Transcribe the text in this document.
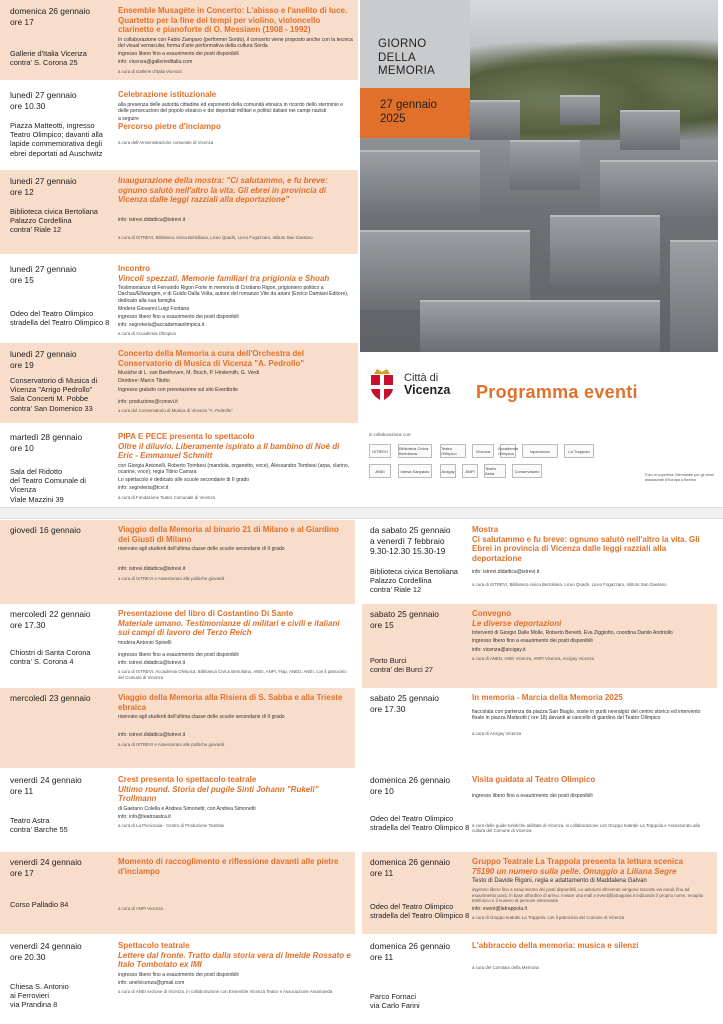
domenica 26 gennaio
ore 17
Gallerie d'Italia Vicenza
contra' S. Corona 25
Ensemble Musagète in Concerto: L'abisso e l'anelito di luce. Quartetto per la fine dei tempi per violino, violoncello clarinetto e pianoforte di O. Messiaen (1908 - 1992)

In collaborazione con Fabio Zamparo (performer Sordo), il concerto viene proposto anche con la tecnica del visual vernacular, forma d'arte performativa della cultura Sorda

ingresso libero fino a esaurimento dei posti disponibili

info: vicenza@gallerieditalia.com

a cura di Gallerie d'Italia Vicenza

lunedì 27 gennaio
ore 10.30
Piazza Matteotti, ingresso Teatro Olimpico; davanti alla lapide commemorativa degli ebrei deportati ad Auschwitz
Celebrazione istituzionale

alla presenza delle autorità cittadine ed esponenti della comunità ebraica in ricordo dello sterminio e delle persecuzioni del popolo ebraico e dei deportati militari e politici italiani nei campi nazisti

a seguire

Percorso pietre d'inciampo

a cura dell'Amministrazione comunale di Vicenza

lunedì 27 gennaio
ore 12
Biblioteca civica Bertoliana
Palazzo Cordellina
contra' Riale 12
Inaugurazione della mostra: "Ci salutammo, e fu breve: ognuno salutò nell'altro la vita. Gli ebrei in provincia di Vicenza dalle leggi razziali alla deportazione"

info: istrevi.didattica@istrevi.it

a cura di ISTREVI, Biblioteca civica Bertoliana, Liceo Quadri, Liceo Fogazzaro, Istituto San Gaetano

lunedì 27 gennaio
ore 15
Odeo del Teatro Olimpico
stradella del Teatro Olimpico 8
Incontro
Vincoli spezzati. Memorie familiari tra prigionia e Shoah

Testimonianze di Fernando Rigon Forte in memoria di Cristiano Rigon, prigioniero politico a Dachau/Ellwangen, e di Guido Dalla Volta, autore del romanzo Vite da ariani (Enrico Damiani Editore), dedicato alla sua famiglia.

Modera Giovanni Luigi Fontana

ingresso libero fino a esaurimento dei posti disponibili

info: segreteria@accademiaolimpica.it

a cura di Accademia Olimpica

lunedì 27 gennaio
ore 19
Conservatorio di Musica di Vicenza "Arrigo Pedrollo"
Sala Concerti M. Pobbe
contra' San Domenico 33
Concerto della Memoria a cura dell'Orchestra del Conservatorio di Musica di Vicenza "A. Pedrollo"

Musiche di L. van Beethoven, M. Bruch, P. Hindemith, G. Verdi

Direttore: Marco Titotto

Ingresso gratuito con prenotazione sul sito Eventbrite

info: produzione@consvi.it

a cura del Conservatorio di Musica di Vicenza "A. Pedrollo"

martedì 28 gennaio
ore 10
Sala del Ridotto
del Teatro Comunale di Vicenza
Viale Mazzini 39
PIPA E PECE presenta lo spettacolo
Oltre il diluvio. Liberamente ispirato a Il bambino di Noè di Eric - Emmanuel Schmitt

con Giorgia Antonelli, Roberto Tombesi (mandola, organetto, voce), Alessandro Tombesi (arpa, clarino, ocarine, voce); regia Titino Carrara

Lo spettacolo è dedicato alle scuole secondarie di II grado

info: segreteria@tcvi.it

a cura di Fondazione Teatro Comunale di Vicenza

GIORNO
DELLA
MEMORIA
27 gennaio
2025
Città di
Vicenza Programma eventi
in collaborazione con:
ISTREVI	Biblioteca Civica Bertoliana
Teatro Olimpico	Vicenza	Accademia Olimpica	lapecionea	La Trappola
ANEI	Intesa Sanpaolo	Arcigay	ANPI	Teatro Astra	Conservatorio
Foto di copertina: Memoriale per gli ebrei assassinati d'Europa a Berlino
giovedì 16 gennaio	Viaggio della Memoria al binario 21 di Milano e al Giardino dei Giusti di Milano

riservato agli studenti dell'ultima classe delle scuole secondarie di II grado

info: istrevi.didattica@istrevi.it

a cura di ISTREVI e Assessorato alle politiche giovanili

mercoledì 22 gennaio
ore 17.30
Chiostri di Santa Corona
contra' S. Corona 4
Presentazione del libro di Costantino Di Sante
Materiale umano. Testimonianze di militari e civili e italiani sui campi di lavoro del Terzo Reich

modera Antonio Spinelli

ingresso libero fino a esaurimento dei posti disponibili

info: istrevi.didattica@istrevi.it

a cura di ISTREVI, Accademia Olimpica, Biblioteca Civica Bertoliana, ANEI, ANPI, Fiap, ANED, ANEI, con il patrocinio del Comune di Vicenza

mercoledì 23 gennaio	Viaggio della Memoria alla Risiera di S. Sabba e alla Trieste ebraica

riservato agli studenti dell'ultima classe delle scuole secondarie di II grado

info: istrevi.didattica@istrevi.it

a cura di ISTREVI e Assessorato alle politiche giovanili

venerdì 24 gennaio
ore 11
Teatro Astra
contra' Barche 55
Crest presenta lo spettacolo teatrale
Ultimo round. Storia del pugile Sinti Johann "Rukeli" Trollmann

di Gaetano Colella e Andrea Simonetti; con Andrea Simonetti

info: info@teatroastra.it

a cura di La Piccionaia - Centro di Produzione Teatrale

venerdì 24 gennaio
ore 17
Corso Palladio 84
Momento di raccoglimento e riflessione davanti alle pietre d'inciampo

a cura di ANPI Vicenza

venerdì 24 gennaio
ore 20.30
Chiesa S. Antonio
ai Ferrovieri
via Prandina 8
Spettacolo teatrale
Lettere dal fronte. Tratto dalla storia vera di Imelde Rossato e Italo Tombolato ex IMI

ingresso libero fino a esaurimento dei posti disponibili

info: anelvicenza@gmail.com

a cura di ANEI sezione di Vicenza, in collaborazione con Ensemble Vicenza Teatro e Associazione Arsamanda

da sabato 25 gennaio
a venerdì 7 febbraio
9.30-12.30 15.30-19
Biblioteca civica Bertoliana
Palazzo Cordellina
contra' Riale 12
Mostra
Ci salutammo e fu breve: ognuno salutò nell'altro la vita. Gli Ebrei in provincia di Vicenza dalle leggi razziali alla deportazione

info: istrevi.didattica@istrevi.it

a cura di ISTREVI, Biblioteca civica Bertoliana, Liceo Quadri, Liceo Fogazzaro, Istituto San Gaetano

sabato 25 gennaio
ore 15
Porto Burci
contra' dei Burci 27
Convegno
Le diverse deportazioni

Interventi di Giorgio Dalle Molle, Roberto Benetti, Eva Ziggiotto, coordina Danilo Andriollo

ingresso libero fino a esaurimento dei posti disponibili

info: vicenza@arcigay.it

a cura di ANED, ANEI Vicenza, ANPI Vicenza, Arcigay Vicenza

sabato 25 gennaio
ore 17.30
In memoria - Marcia della Memoria 2025

fiaccolata con partenza da piazza San Biagio, soste in punti nevralgici del centro storico ed intervento finale in piazza Matteotti ( ore 18) davanti al cancello di giardino del Teatro Olimpico

a cura di Arcigay Vicenza

domenica 26 gennaio
ore 10
Odeo del Teatro Olimpico
stradella del Teatro Olimpico 8
Visita guidata al Teatro Olimpico

ingresso libero fino a esaurimento dei posti disponibili

a cura delle guide turistiche abilitate di Vicenza, in collaborazione con Gruppo teatrale La Trappola e Assessorato alla cultura del Comune di Vicenza

domenica 26 gennaio
ore 11
Odeo del Teatro Olimpico
stradella del Teatro Olimpico 8
Gruppo Teatrale La Trappola presenta la lettura scenica
75190 un numero sulla pelle. Omaggio a Liliana Segre

Testo di Davide Rigoni, regia e adattamento di Maddalena Galvan

ingresso libero fino a esaurimento dei posti disponibili. Le adesioni all'evento vengono raccolte via email, fino ad esaurimento posti, in base all'ordine di arrivo. Inviare una mail a event@latrappola.it indicando il proprio nome, recapito telefonico e il numero di persone interessate

info: event@latrappola.it

a cura di Gruppo teatrale La Trappola, con il patrocinio del Comune di Vicenza

domenica 26 gennaio
ore 11
Parco Fornaci
via Carlo Farini
L'abbraccio della memoria: musica e silenzi

a cura del Comitato della Memoria
